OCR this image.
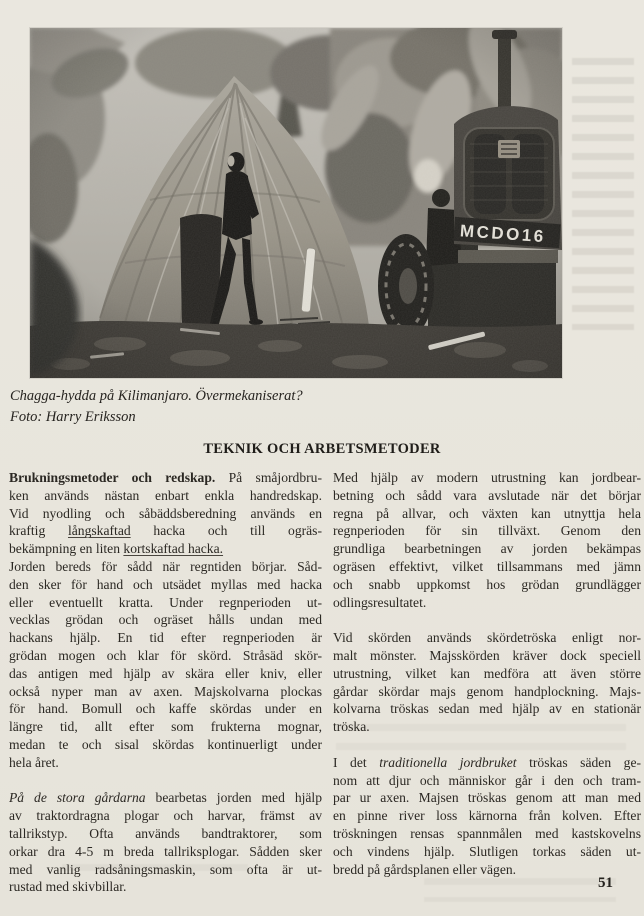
Chagga-hydda på Kilimanjaro. Övermekaniserat?
Foto: Harry Eriksson
TEKNIK OCH ARBETSMETODER
Brukningsmetoder och redskap. På småjordbru-
ken används nästan enbart enkla handredskap.
Vid nyodling och såbäddsberedning används en
kraftig långskaftad hacka och till ogräs-
bekämpning en liten kortskaftad hacka.
Jorden bereds för sådd när regntiden börjar. Såd-
den sker för hand och utsädet myllas med hacka
eller eventuellt kratta. Under regnperioden ut-
vecklas grödan och ogräset hålls undan med
hackans hjälp. En tid efter regnperioden är
grödan mogen och klar för skörd. Stråsäd skör-
das antigen med hjälp av skära eller kniv, eller
också nyper man av axen. Majskolvarna plockas
för hand. Bomull och kaffe skördas under en
längre tid, allt efter som frukterna mognar,
medan te och sisal skördas kontinuerligt under
hela året.
På de stora gårdarna bearbetas jorden med hjälp
av traktordragna plogar och harvar, främst av
tallrikstyp. Ofta används bandtraktorer, som
orkar dra 4-5 m breda tallriksplogar. Sådden sker
med vanlig radsåningsmaskin, som ofta är ut-
rustad med skivbillar.
Med hjälp av modern utrustning kan jordbear-
betning och sådd vara avslutade när det börjar
regna på allvar, och växten kan utnyttja hela
regnperioden för sin tillväxt. Genom den
grundliga bearbetningen av jorden bekämpas
ogräsen effektivt, vilket tillsammans med jämn
och snabb uppkomst hos grödan grundlägger
odlingsresultatet.
Vid skörden används skördetröska enligt nor-
malt mönster. Majsskörden kräver dock speciell
utrustning, vilket kan medföra att även större
gårdar skördar majs genom handplockning. Majs-
kolvarna tröskas sedan med hjälp av en stationär
tröska.
I det traditionella jordbruket tröskas säden ge-
nom att djur och människor går i den och tram-
par ur axen. Majsen tröskas genom att man med
en pinne river loss kärnorna från kolven. Efter
tröskningen rensas spannmålen med kastskovelns
och vindens hjälp. Slutligen torkas säden ut-
bredd på gårdsplanen eller vägen.
51
